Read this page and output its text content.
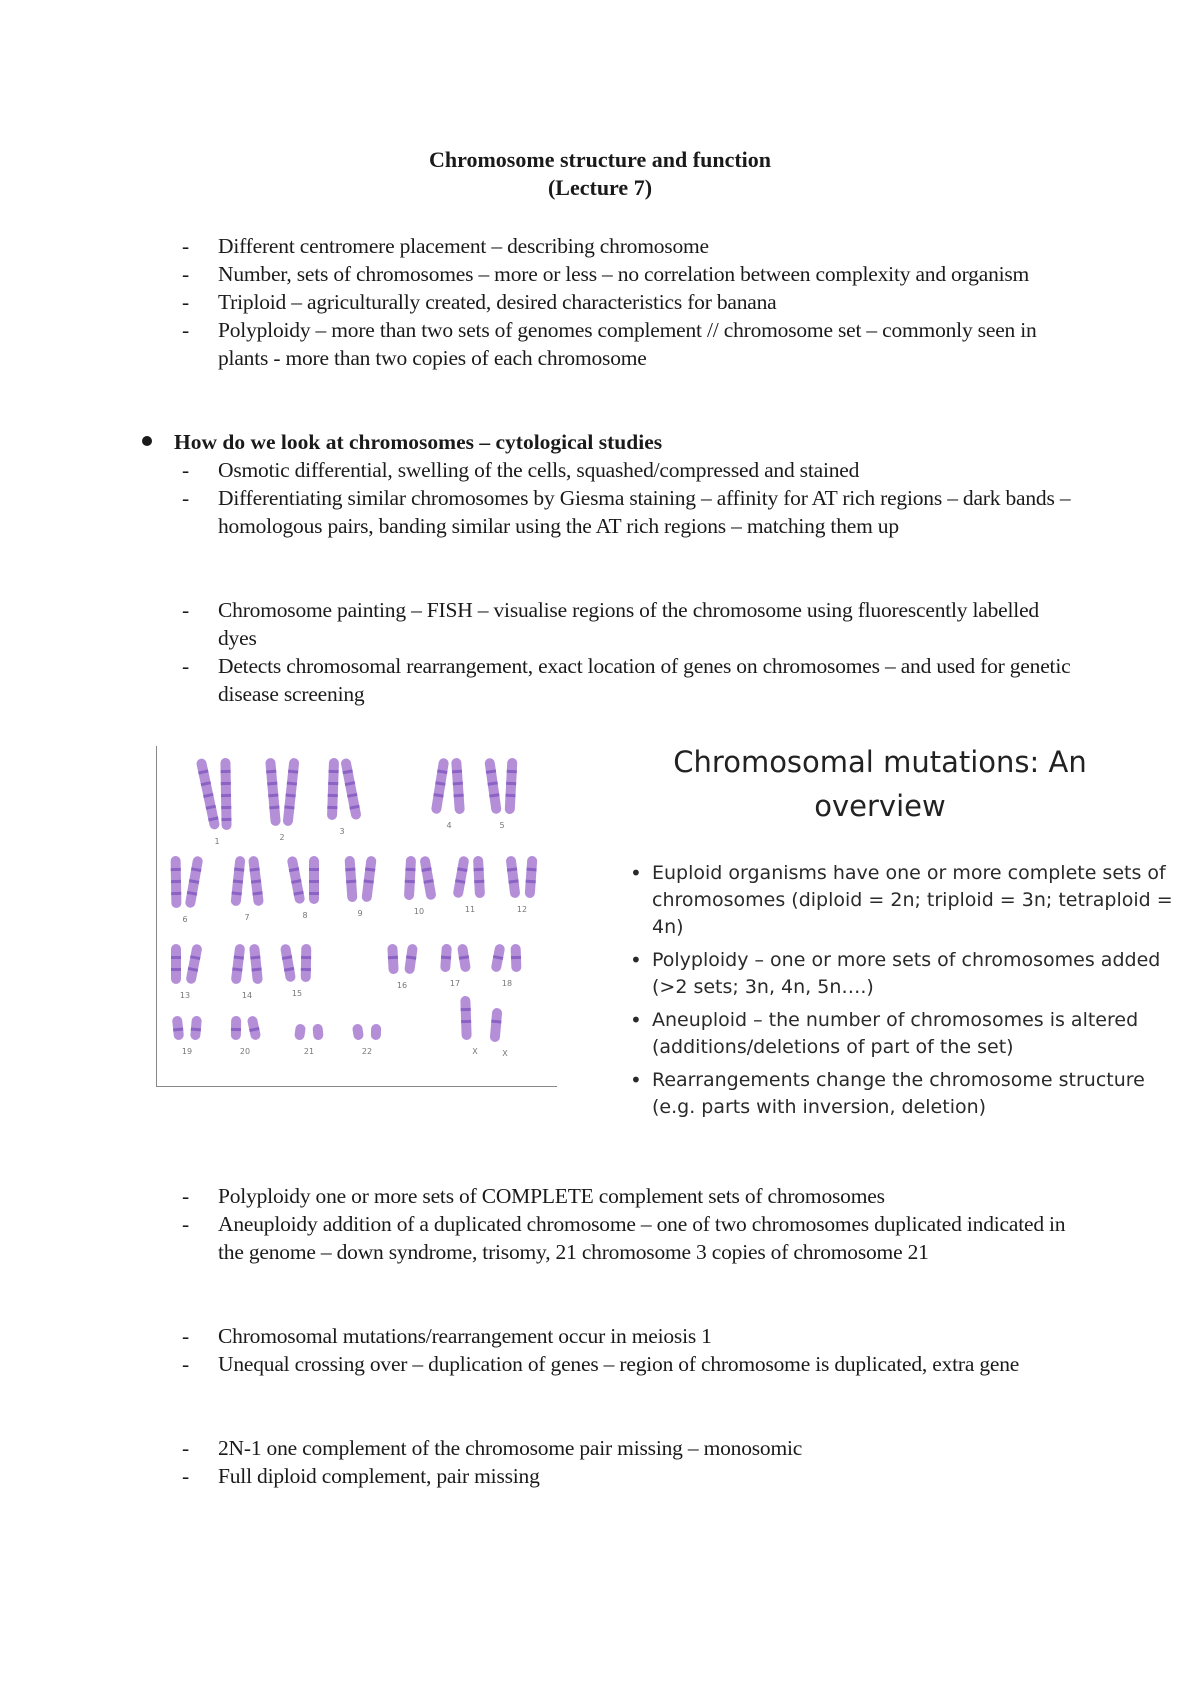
Chromosome structure and function
(Lecture 7)
- Different centromere placement – describing chromosome
- Number, sets of chromosomes – more or less – no correlation between complexity and organism
- Triploid – agriculturally created, desired characteristics for banana
- Polyploidy – more than two sets of genomes complement // chromosome set – commonly seen in plants - more than two copies of each chromosome
How do we look at chromosomes – cytological studies
- Osmotic differential, swelling of the cells, squashed/compressed and stained
- Differentiating similar chromosomes by Giesma staining – affinity for AT rich regions – dark bands – homologous pairs, banding similar using the AT rich regions – matching them up
- Chromosome painting – FISH – visualise regions of the chromosome using fluorescently labelled dyes
- Detects chromosomal rearrangement, exact location of genes on chromosomes – and used for genetic disease screening
1	2
3
4	5
6	7	8	9	10	11	12
13	14	15
16	17	18
19	20	21	22	X	X
Chromosomal mutations: An
overview
• Euploid organisms have one or more complete sets of chromosomes (diploid = 2n; triploid = 3n; tetraploid = 4n)
• Polyploidy – one or more sets of chromosomes added (>2 sets; 3n, 4n, 5n….)
• Aneuploid – the number of chromosomes is altered (additions/deletions of part of the set)
• Rearrangements change the chromosome structure (e.g. parts with inversion, deletion)
- Polyploidy one or more sets of COMPLETE complement sets of chromosomes
- Aneuploidy addition of a duplicated chromosome – one of two chromosomes duplicated indicated in the genome – down syndrome, trisomy, 21 chromosome 3 copies of chromosome 21
- Chromosomal mutations/rearrangement occur in meiosis 1
- Unequal crossing over – duplication of genes – region of chromosome is duplicated, extra gene
- 2N-1 one complement of the chromosome pair missing – monosomic
- Full diploid complement, pair missing
